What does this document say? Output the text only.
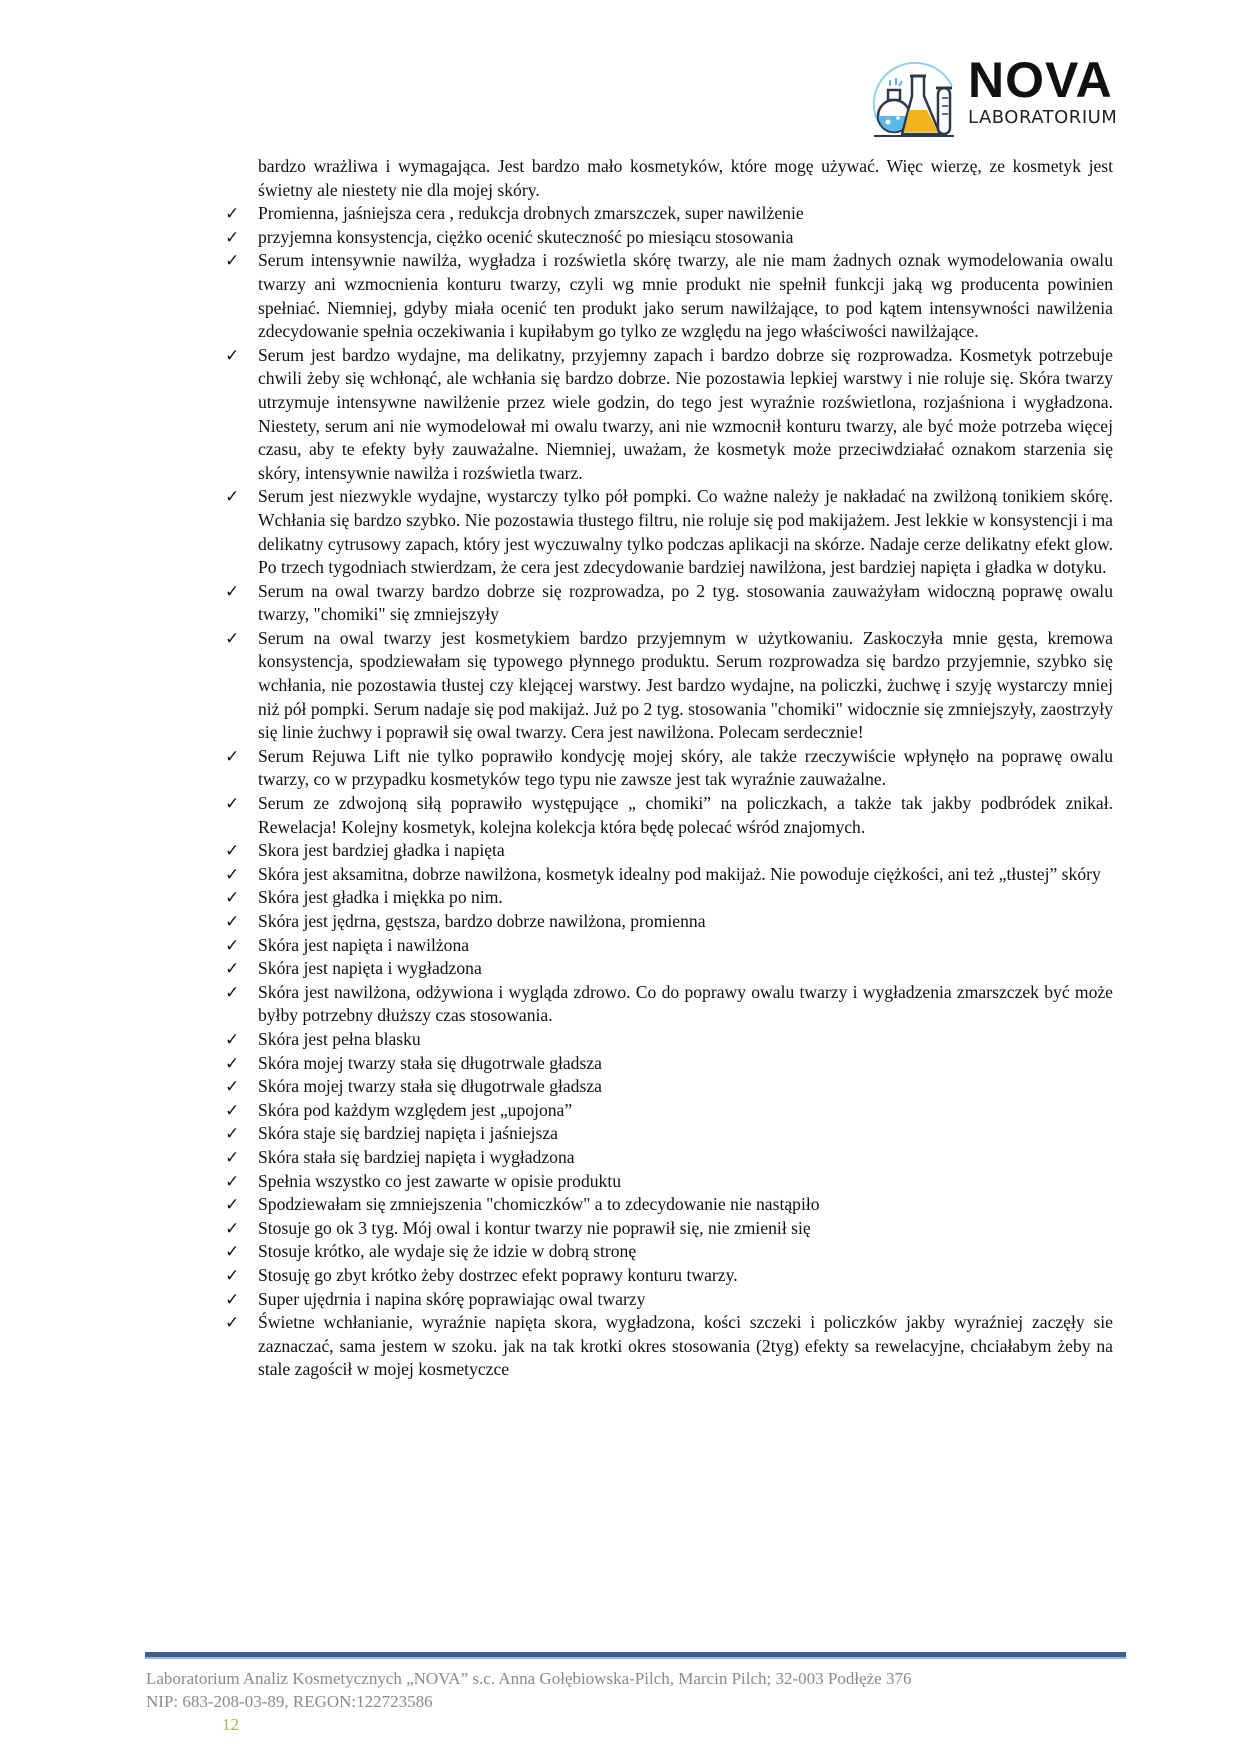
NOVA
LABORATORIUM
bardzo wrażliwa i wymagająca. Jest bardzo mało kosmetyków, które mogę używać. Więc wierzę, ze kosmetyk jest świetny ale niestety nie dla mojej skóry.
✓	Promienna, jaśniejsza cera , redukcja drobnych zmarszczek, super nawilżenie
✓	przyjemna konsystencja, ciężko ocenić skuteczność po miesiącu stosowania
✓	Serum intensywnie nawilża, wygładza i rozświetla skórę twarzy, ale nie mam żadnych oznak wymodelowania owalu twarzy ani wzmocnienia konturu twarzy, czyli wg mnie produkt nie spełnił funkcji jaką wg producenta powinien spełniać. Niemniej, gdyby miała ocenić ten produkt jako serum nawilżające, to pod kątem intensywności nawilżenia zdecydowanie spełnia oczekiwania i kupiłabym go tylko ze względu na jego właściwości nawilżające.
✓	Serum jest bardzo wydajne, ma delikatny, przyjemny zapach i bardzo dobrze się rozprowadza. Kosmetyk potrzebuje chwili żeby się wchłonąć, ale wchłania się bardzo dobrze. Nie pozostawia lepkiej warstwy i nie roluje się. Skóra twarzy utrzymuje intensywne nawilżenie przez wiele godzin, do tego jest wyraźnie rozświetlona, rozjaśniona i wygładzona. Niestety, serum ani nie wymodelował mi owalu twarzy, ani nie wzmocnił konturu twarzy, ale być może potrzeba więcej czasu, aby te efekty były zauważalne. Niemniej, uważam, że kosmetyk może przeciwdziałać oznakom starzenia się skóry, intensywnie nawilża i rozświetla twarz.
✓	Serum jest niezwykle wydajne, wystarczy tylko pół pompki. Co ważne należy je nakładać na zwilżoną tonikiem skórę. Wchłania się bardzo szybko. Nie pozostawia tłustego filtru, nie roluje się pod makijażem. Jest lekkie w konsystencji i ma delikatny cytrusowy zapach, który jest wyczuwalny tylko podczas aplikacji na skórze. Nadaje cerze delikatny efekt glow. Po trzech tygodniach stwierdzam, że cera jest zdecydowanie bardziej nawilżona, jest bardziej napięta i gładka w dotyku.
✓	Serum na owal twarzy bardzo dobrze się rozprowadza, po 2 tyg. stosowania zauważyłam widoczną poprawę owalu twarzy, "chomiki" się zmniejszyły
✓	Serum na owal twarzy jest kosmetykiem bardzo przyjemnym w użytkowaniu. Zaskoczyła mnie gęsta, kremowa konsystencja, spodziewałam się typowego płynnego produktu. Serum rozprowadza się bardzo przyjemnie, szybko się wchłania, nie pozostawia tłustej czy klejącej warstwy. Jest bardzo wydajne, na policzki, żuchwę i szyję wystarczy mniej niż pół pompki. Serum nadaje się pod makijaż. Już po 2 tyg. stosowania "chomiki" widocznie się zmniejszyły, zaostrzyły się linie żuchwy i poprawił się owal twarzy. Cera jest nawilżona. Polecam serdecznie!
✓	Serum Rejuwa Lift nie tylko poprawiło kondycję mojej skóry, ale także rzeczywiście wpłynęło na poprawę owalu twarzy, co w przypadku kosmetyków tego typu nie zawsze jest tak wyraźnie zauważalne.
✓	Serum ze zdwojoną siłą poprawiło występujące „ chomiki” na policzkach, a także tak jakby podbródek znikał. Rewelacja! Kolejny kosmetyk, kolejna kolekcja która będę polecać wśród znajomych.
✓	Skora jest bardziej gładka i napięta
✓	Skóra jest aksamitna, dobrze nawilżona, kosmetyk idealny pod makijaż. Nie powoduje ciężkości, ani też „tłustej” skóry
✓	Skóra jest gładka i miękka po nim.
✓	Skóra jest jędrna, gęstsza, bardzo dobrze nawilżona, promienna
✓	Skóra jest napięta i nawilżona
✓	Skóra jest napięta i wygładzona
✓	Skóra jest nawilżona, odżywiona i wygląda zdrowo. Co do poprawy owalu twarzy i wygładzenia zmarszczek być może byłby potrzebny dłuższy czas stosowania.
✓	Skóra jest pełna blasku
✓	Skóra mojej twarzy stała się długotrwale gładsza
✓	Skóra mojej twarzy stała się długotrwale gładsza
✓	Skóra pod każdym względem jest „upojona”
✓	Skóra staje się bardziej napięta i jaśniejsza
✓	Skóra stała się bardziej napięta i wygładzona
✓	Spełnia wszystko co jest zawarte w opisie produktu
✓	Spodziewałam się zmniejszenia "chomiczków" a to zdecydowanie nie nastąpiło
✓	Stosuje go ok 3 tyg. Mój owal i kontur twarzy nie poprawił się, nie zmienił się
✓	Stosuje krótko, ale wydaje się że idzie w dobrą stronę
✓	Stosuję go zbyt krótko żeby dostrzec efekt poprawy konturu twarzy.
✓	Super ujędrnia i napina skórę poprawiając owal twarzy
✓	Świetne wchłanianie, wyraźnie napięta skora, wygładzona, kości szczeki i policzków jakby wyraźniej zaczęły sie zaznaczać, sama jestem w szoku. jak na tak krotki okres stosowania (2tyg) efekty sa rewelacyjne, chciałabym żeby na stale zagościł w mojej kosmetyczce
Laboratorium Analiz Kosmetycznych „NOVA” s.c. Anna Gołębiowska-Pilch, Marcin Pilch; 32-003 Podłęże 376
NIP: 683-208-03-89, REGON:122723586
12
